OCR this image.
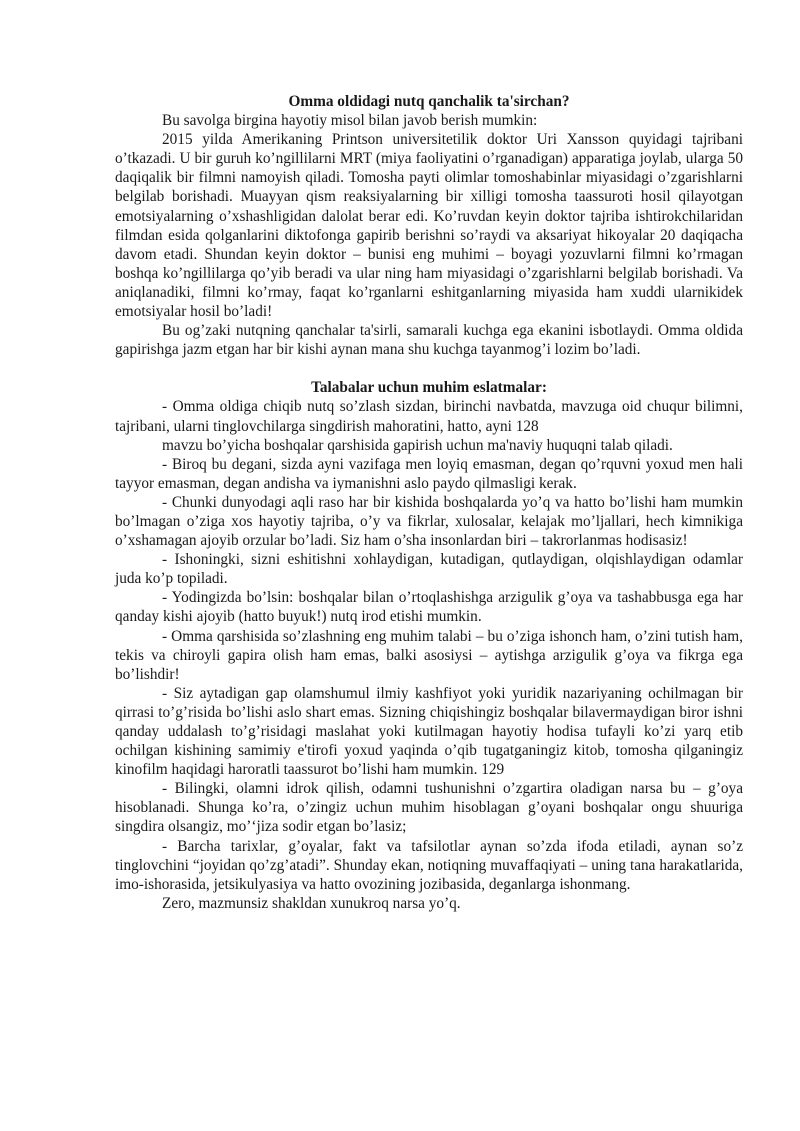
Omma oldidagi nutq qanchalik ta'sirchan?

Bu savolga birgina hayotiy misol bilan javob berish mumkin:

2015 yilda Amerikaning Printson universitetilik doktor Uri Xansson quyidagi tajribani o’tkazadi. U bir guruh ko’ngillilarni MRT (miya faoliyatini o’rganadigan) apparatiga joylab, ularga 50 daqiqalik bir filmni namoyish qiladi. Tomosha payti olimlar tomoshabinlar miyasidagi o’zgarishlarni belgilab borishadi. Muayyan qism reaksiyalarning bir xilligi tomosha taassuroti hosil qilayotgan emotsiyalarning o’xshashligidan dalolat berar edi. Ko’ruvdan keyin doktor tajriba ishtirokchilaridan filmdan esida qolganlarini diktofonga gapirib berishni so’raydi va aksariyat hikoyalar 20 daqiqacha davom etadi. Shundan keyin doktor – bunisi eng muhimi – boyagi yozuvlarni filmni ko’rmagan boshqa ko’ngillilarga qo’yib beradi va ular ning ham miyasidagi o’zgarishlarni belgilab borishadi. Va aniqlanadiki, filmni ko’rmay, faqat ko’rganlarni eshitganlarning miyasida ham xuddi ularnikidek emotsiyalar hosil bo’ladi!

Bu og’zaki nutqning qanchalar ta'sirli, samarali kuchga ega ekanini isbotlaydi. Omma oldida gapirishga jazm etgan har bir kishi aynan mana shu kuchga tayanmog’i lozim bo’ladi.

Talabalar uchun muhim eslatmalar:

- Omma oldiga chiqib nutq so’zlash sizdan, birinchi navbatda, mavzuga oid chuqur bilimni, tajribani, ularni tinglovchilarga singdirish mahoratini, hatto, ayni 128

mavzu bo’yicha boshqalar qarshisida gapirish uchun ma'naviy huquqni talab qiladi.

- Biroq bu degani, sizda ayni vazifaga men loyiq emasman, degan qo’rquvni yoxud men hali tayyor emasman, degan andisha va iymanishni aslo paydo qilmasligi kerak.

- Chunki dunyodagi aqli raso har bir kishida boshqalarda yo’q va hatto bo’lishi ham mumkin bo’lmagan o’ziga xos hayotiy tajriba, o’y va fikrlar, xulosalar, kelajak mo’ljallari, hech kimnikiga o’xshamagan ajoyib orzular bo’ladi. Siz ham o’sha insonlardan biri – takrorlanmas hodisasiz!

- Ishoningki, sizni eshitishni xohlaydigan, kutadigan, qutlaydigan, olqishlaydigan odamlar juda ko’p topiladi.

- Yodingizda bo’lsin: boshqalar bilan o’rtoqlashishga arzigulik g’oya va tashabbusga ega har qanday kishi ajoyib (hatto buyuk!) nutq irod etishi mumkin.

- Omma qarshisida so’zlashning eng muhim talabi – bu o’ziga ishonch ham, o’zini tutish ham, tekis va chiroyli gapira olish ham emas, balki asosiysi – aytishga arzigulik g’oya va fikrga ega bo’lishdir!

- Siz aytadigan gap olamshumul ilmiy kashfiyot yoki yuridik nazariyaning ochilmagan bir qirrasi to’g’risida bo’lishi aslo shart emas. Sizning chiqishingiz boshqalar bilavermaydigan biror ishni qanday uddalash to’g’risidagi maslahat yoki kutilmagan hayotiy hodisa tufayli ko’zi yarq etib ochilgan kishining samimiy e'tirofi yoxud yaqinda o’qib tugatganingiz kitob, tomosha qilganingiz kinofilm haqidagi haroratli taassurot bo’lishi ham mumkin. 129

- Bilingki, olamni idrok qilish, odamni tushunishni o’zgartira oladigan narsa bu – g’oya hisoblanadi. Shunga ko’ra, o’zingiz uchun muhim hisoblagan g’oyani boshqalar ongu shuuriga singdira olsangiz, mo’‘jiza sodir etgan bo’lasiz;

- Barcha tarixlar, g’oyalar, fakt va tafsilotlar aynan so’zda ifoda etiladi, aynan so’z tinglovchini “joyidan qo’zg’atadi”. Shunday ekan, notiqning muvaffaqiyati – uning tana harakatlarida, imo-ishorasida, jetsikulyasiya va hatto ovozining jozibasida, deganlarga ishonmang.

Zero, mazmunsiz shakldan xunukroq narsa yo’q.
